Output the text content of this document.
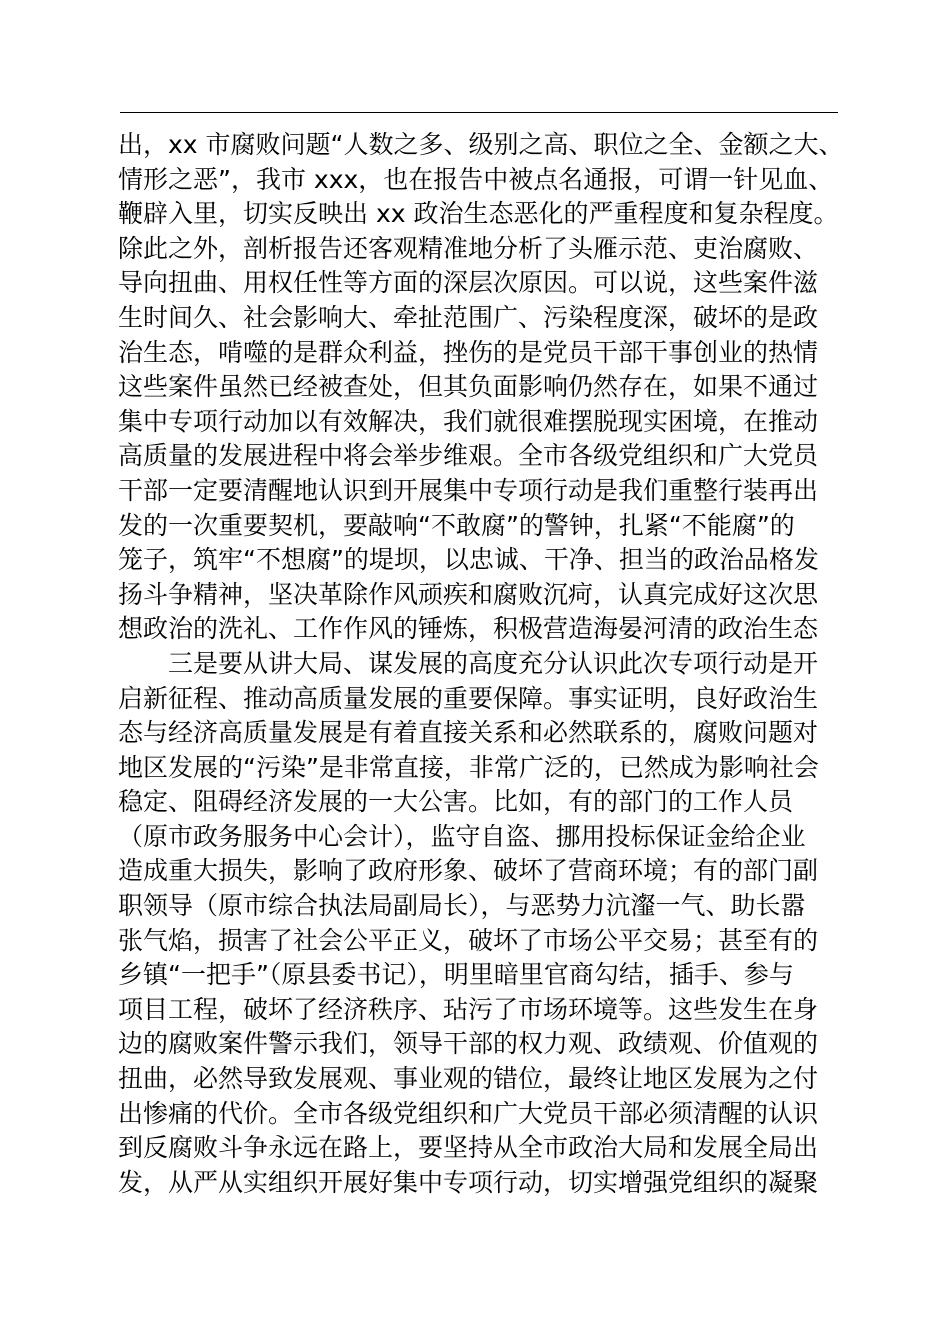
出，xx 市腐败问题“人数之多、级别之高、职位之全、金额之大、
情形之恶”，我市 xxx，也在报告中被点名通报，可谓一针见血、
鞭辟入里，切实反映出 xx 政治生态恶化的严重程度和复杂程度。
除此之外，剖析报告还客观精准地分析了头雁示范、吏治腐败、
导向扭曲、用权任性等方面的深层次原因。可以说，这些案件滋
生时间久、社会影响大、牵扯范围广、污染程度深，破坏的是政
治生态，啃噬的是群众利益，挫伤的是党员干部干事创业的热情
这些案件虽然已经被查处，但其负面影响仍然存在，如果不通过
集中专项行动加以有效解决，我们就很难摆脱现实困境，在推动
高质量的发展进程中将会举步维艰。全市各级党组织和广大党员
干部一定要清醒地认识到开展集中专项行动是我们重整行装再出
发的一次重要契机，要敲响“不敢腐”的警钟，扎紧“不能腐”的
笼子，筑牢“不想腐”的堤坝，以忠诚、干净、担当的政治品格发
扬斗争精神，坚决革除作风顽疾和腐败沉疴，认真完成好这次思
想政治的洗礼、工作作风的锤炼，积极营造海晏河清的政治生态
三是要从讲大局、谋发展的高度充分认识此次专项行动是开
启新征程、推动高质量发展的重要保障。事实证明，良好政治生
态与经济高质量发展是有着直接关系和必然联系的，腐败问题对
地区发展的“污染”是非常直接，非常广泛的，已然成为影响社会
稳定、阻碍经济发展的一大公害。比如，有的部门的工作人员
（原市政务服务中心会计），监守自盗、挪用投标保证金给企业
造成重大损失，影响了政府形象、破坏了营商环境；有的部门副
职领导（原市综合执法局副局长），与恶势力沆瀣一气、助长嚣
张气焰，损害了社会公平正义，破坏了市场公平交易；甚至有的
乡镇“一把手”（原县委书记），明里暗里官商勾结，插手、参与
项目工程，破坏了经济秩序、玷污了市场环境等。这些发生在身
边的腐败案件警示我们，领导干部的权力观、政绩观、价值观的
扭曲，必然导致发展观、事业观的错位，最终让地区发展为之付
出惨痛的代价。全市各级党组织和广大党员干部必须清醒的认识
到反腐败斗争永远在路上，要坚持从全市政治大局和发展全局出
发，从严从实组织开展好集中专项行动，切实增强党组织的凝聚
